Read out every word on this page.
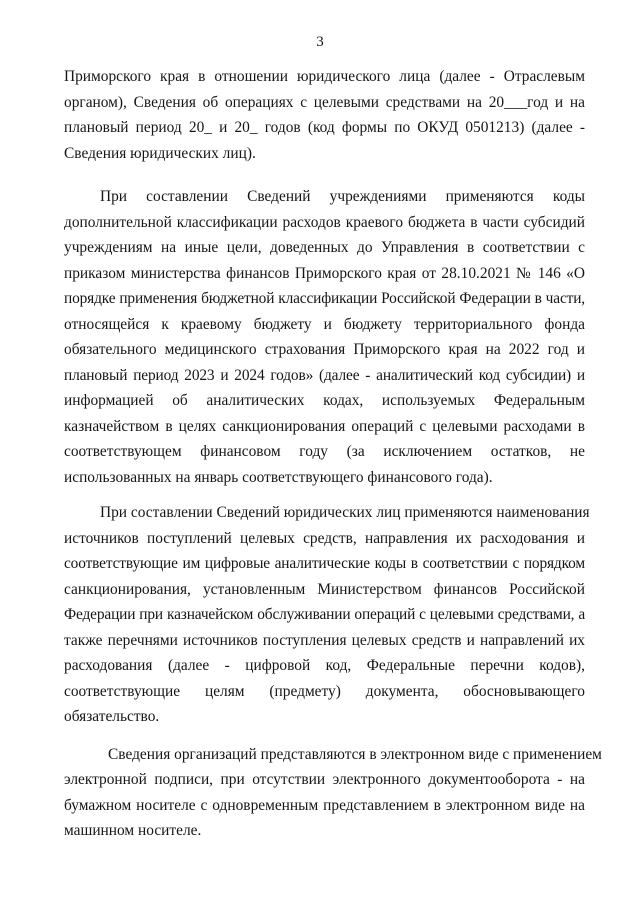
3

Приморского края в отношении юридического лица (далее - Отраслевым
органом), Сведения об операциях с целевыми средствами на 20___год и на
плановый период 20_ и 20_ годов (код формы по ОКУД 0501213) (далее -
Сведения юридических лиц).

При составлении Сведений учреждениями применяются коды
дополнительной классификации расходов краевого бюджета в части субсидий
учреждениям на иные цели, доведенных до Управления в соответствии с
приказом министерства финансов Приморского края от 28.10.2021 № 146 «О
порядке применения бюджетной классификации Российской Федерации в части,
относящейся к краевому бюджету и бюджету территориального фонда
обязательного медицинского страхования Приморского края на 2022 год и
плановый период 2023 и 2024 годов» (далее - аналитический код субсидии) и
информацией об аналитических кодах, используемых Федеральным
казначейством в целях санкционирования операций с целевыми расходами в
соответствующем финансовом году (за исключением остатков, не
использованных на январь соответствующего финансового года).

При составлении Сведений юридических лиц применяются наименования
источников поступлений целевых средств, направления их расходования и
соответствующие им цифровые аналитические коды в соответствии с порядком
санкционирования, установленным Министерством финансов Российской
Федерации при казначейском обслуживании операций с целевыми средствами, а
также перечнями источников поступления целевых средств и направлений их
расходования (далее - цифровой код, Федеральные перечни кодов),
соответствующие целям (предмету) документа, обосновывающего
обязательство.

Сведения организаций представляются в электронном виде с применением
электронной подписи, при отсутствии электронного документооборота - на
бумажном носителе с одновременным представлением в электронном виде на
машинном носителе.
